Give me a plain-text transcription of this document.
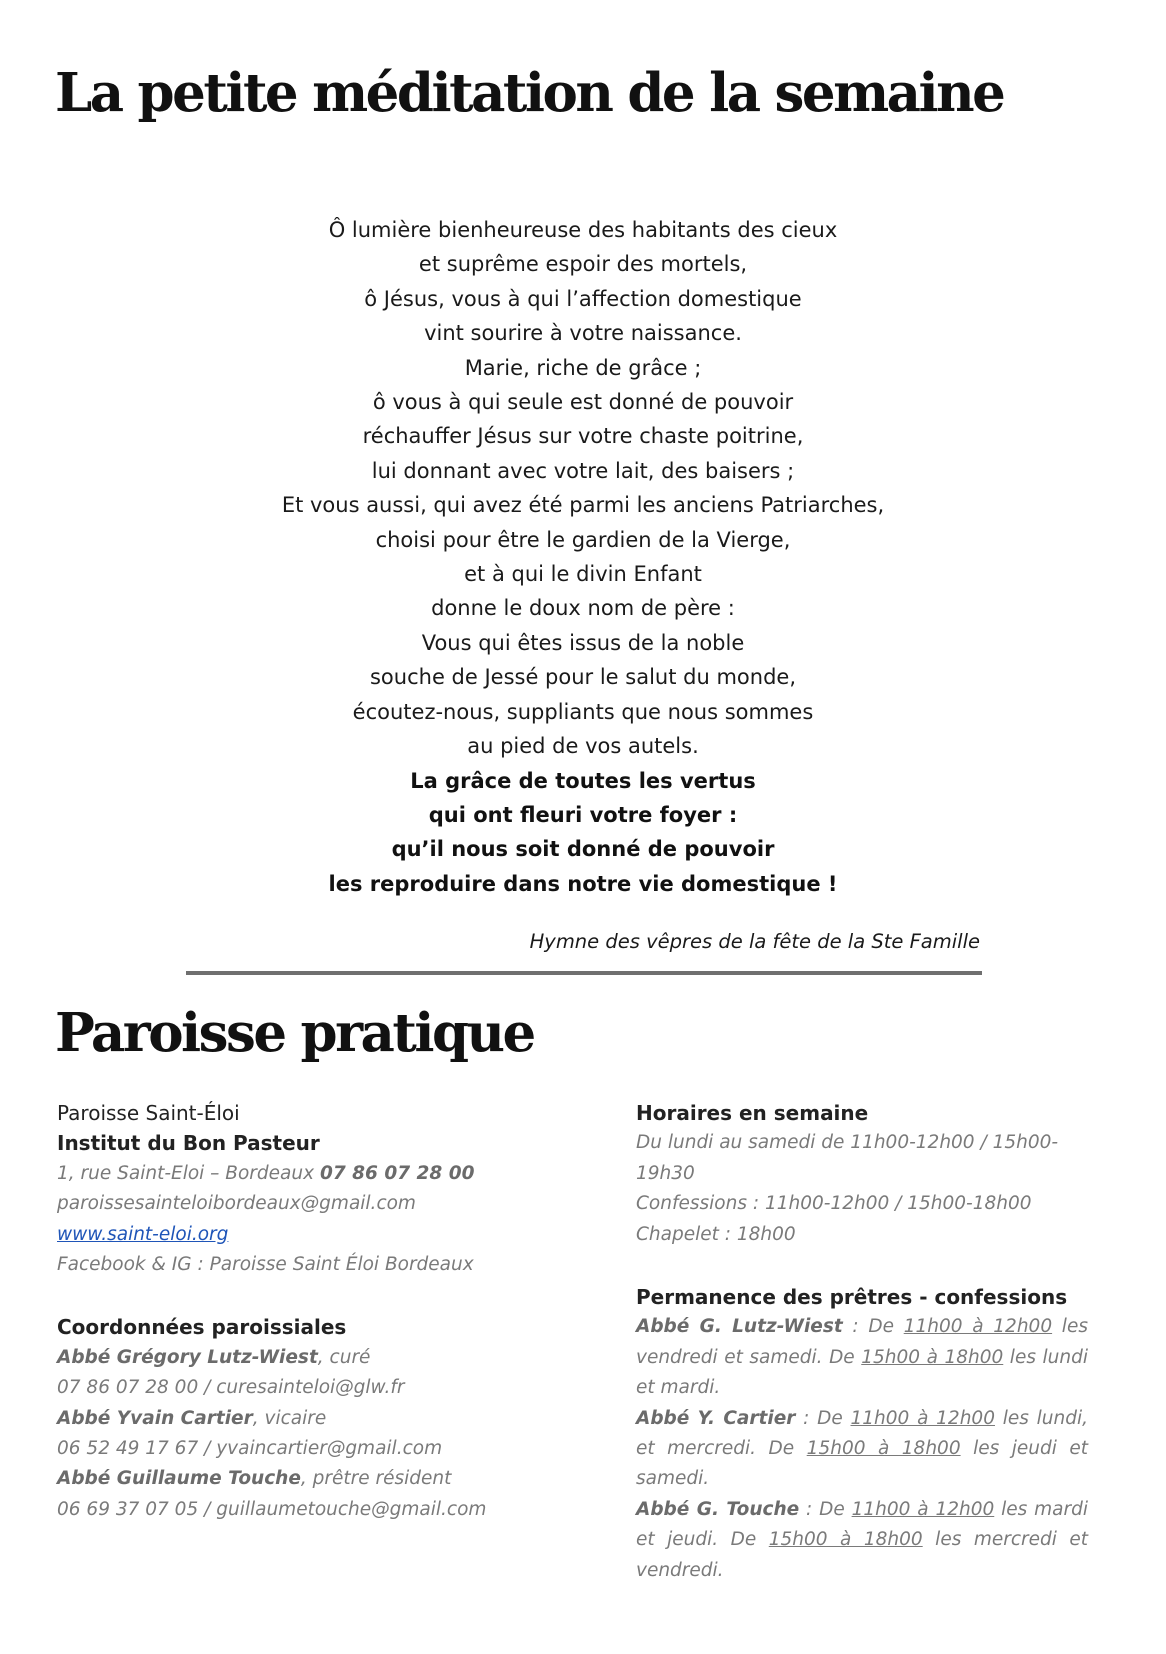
La petite méditation de la semaine
Ô lumière bienheureuse des habitants des cieux
et suprême espoir des mortels,
ô Jésus, vous à qui l’affection domestique
vint sourire à votre naissance.
Marie, riche de grâce ;
ô vous à qui seule est donné de pouvoir
réchauffer Jésus sur votre chaste poitrine,
lui donnant avec votre lait, des baisers ;
Et vous aussi, qui avez été parmi les anciens Patriarches,
choisi pour être le gardien de la Vierge,
et à qui le divin Enfant
donne le doux nom de père :
Vous qui êtes issus de la noble
souche de Jessé pour le salut du monde,
écoutez-nous, suppliants que nous sommes
au pied de vos autels.
La grâce de toutes les vertus
qui ont fleuri votre foyer :
qu’il nous soit donné de pouvoir
les reproduire dans notre vie domestique !
Hymne des vêpres de la fête de la Ste Famille
Paroisse pratique
Paroisse Saint-Éloi
Institut du Bon Pasteur
1, rue Saint-Eloi – Bordeaux 07 86 07 28 00
paroissesainteloibordeaux@gmail.com
www.saint-eloi.org
Facebook & IG : Paroisse Saint Éloi Bordeaux
Coordonnées paroissiales
Abbé Grégory Lutz-Wiest, curé
07 86 07 28 00 / curesainteloi@glw.fr
Abbé Yvain Cartier, vicaire
06 52 49 17 67 / yvaincartier@gmail.com
Abbé Guillaume Touche, prêtre résident
06 69 37 07 05 / guillaumetouche@gmail.com
Horaires en semaine
Du lundi au samedi de 11h00-12h00 / 15h00-
19h30
Confessions : 11h00-12h00 / 15h00-18h00
Chapelet : 18h00
Permanence des prêtres - confessions
Abbé G. Lutz-Wiest : De 11h00 à 12h00 les vendredi et samedi. De 15h00 à 18h00 les lundi et mardi.
Abbé Y. Cartier : De 11h00 à 12h00 les lundi, et mercredi. De 15h00 à 18h00 les jeudi et samedi.
Abbé G. Touche : De 11h00 à 12h00 les mardi et jeudi. De 15h00 à 18h00 les mercredi et vendredi.
